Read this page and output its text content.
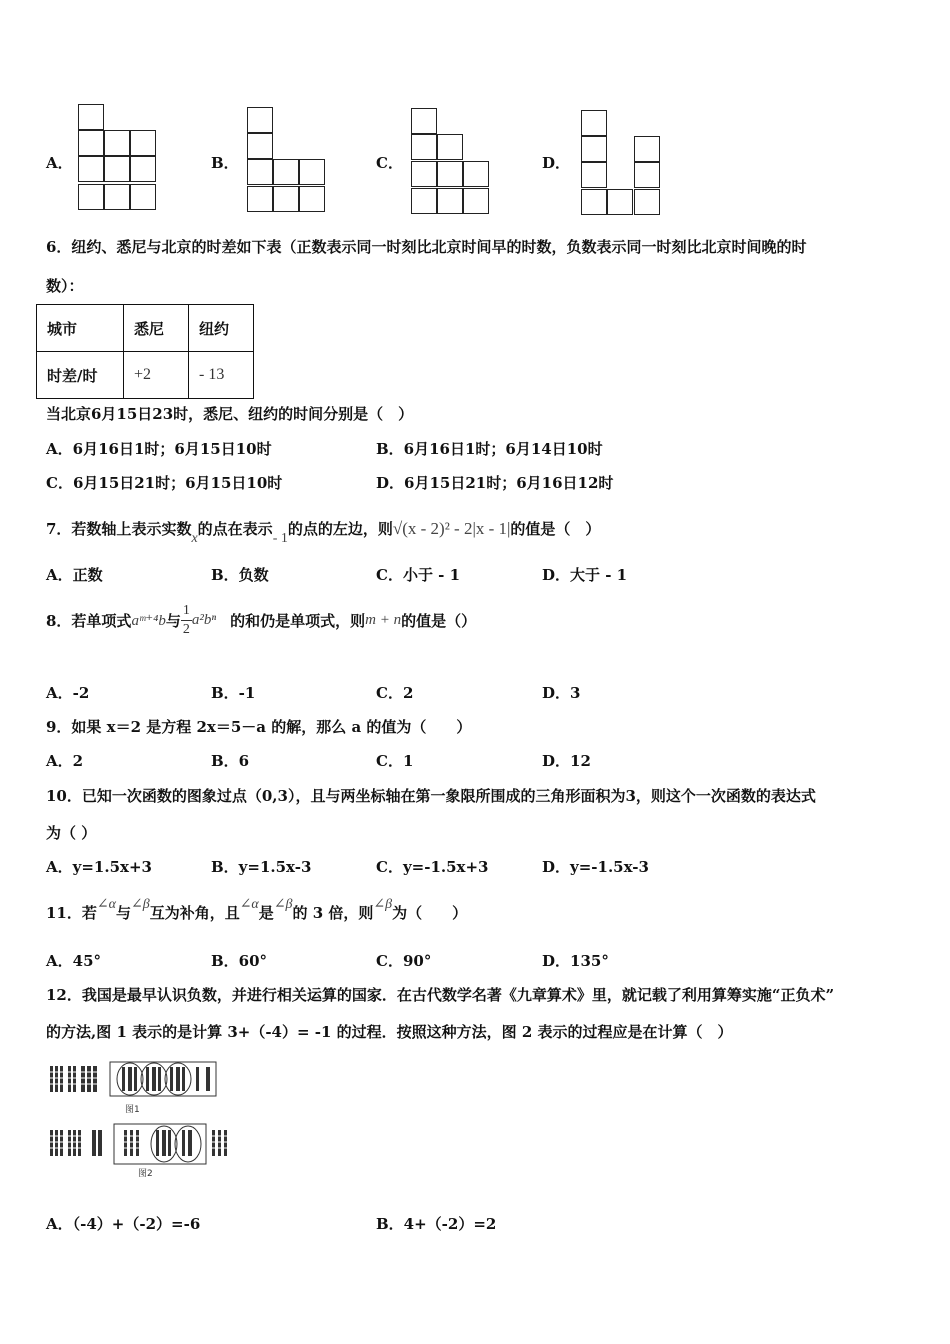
A．	B．	C．	D．
6．纽约、悉尼与北京的时差如下表（正数表示同一时刻比北京时间早的时数，负数表示同一时刻比北京时间晚的时
数）：
城市	悉尼	纽约
时差/时	+2	- 13
当北京6月15日23时，悉尼、纽约的时间分别是（　）
A．6月16日1时；6月15日10时	B．6月16日1时；6月14日10时
C．6月15日21时；6月15日10时	D．6月15日21时；6月16日12时
7．若数轴上表示实数x的点在表示- 1的点的左边，则√(x - 2)² - 2|x - 1|的值是（　）
A．正数	B．负数	C．小于 - 1	D．大于 - 1
8．若单项式aᵐ⁺⁴b与 $\frac{1}{2} a^2b^n$ 的和仍是单项式，则m + n的值是（）
A．-2	B．-1	C．2	D．3
9．如果 x＝2 是方程 2x＝5－a 的解，那么 a 的值为（　　）
A．2	B．6	C．1	D．12
10．已知一次函数的图象过点（0,3），且与两坐标轴在第一象限所围成的三角形面积为3，则这个一次函数的表达式
为（ ）
A．y=1.5x+3	B．y=1.5x-3	C．y=-1.5x+3	D．y=-1.5x-3
11．若∠α与∠β互为补角，且∠α是∠β的 3 倍，则∠β为（　　）
A．45°	B．60°	C．90°	D．135°
12．我国是最早认识负数，并进行相关运算的国家．在古代数学名著《九章算术》里，就记载了利用算筹实施“正负术”
的方法,图 1 表示的是计算 3+（-4）= -1 的过程．按照这种方法，图 2 表示的过程应是在计算（　）
图1
图2
A．（-4）+（-2）=-6	B．4+（-2）=2
